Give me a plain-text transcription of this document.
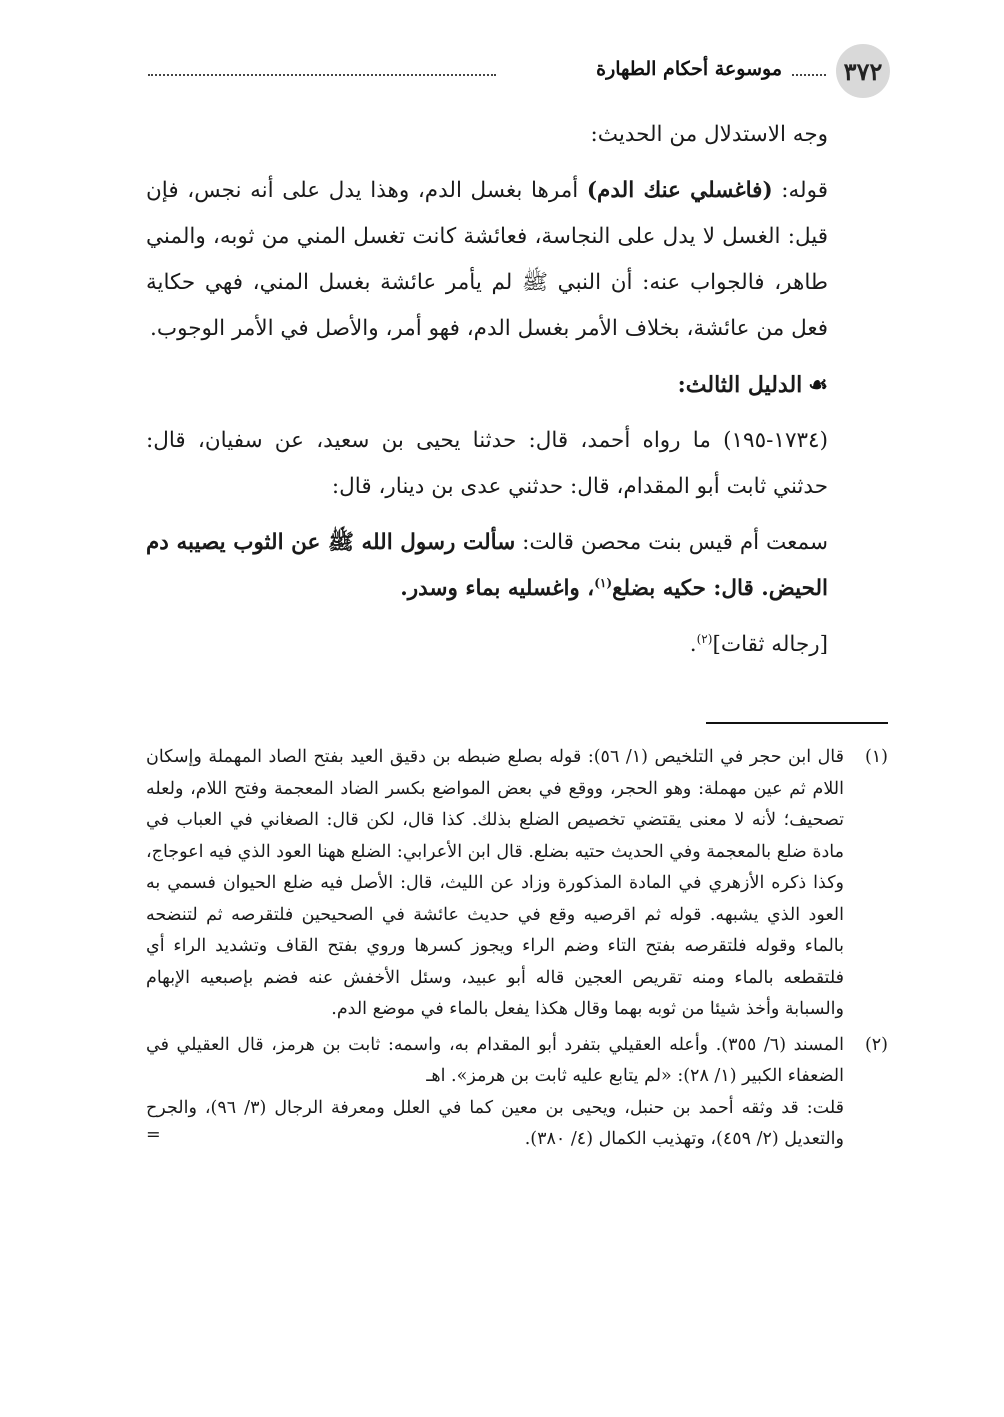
٣٧٢
موسوعة أحكام الطهارة

وجه الاستدلال من الحديث:

قوله: (فاغسلي عنك الدم) أمرها بغسل الدم، وهذا يدل على أنه نجس، فإن قيل: الغسل لا يدل على النجاسة، فعائشة كانت تغسل المني من ثوبه، والمني طاهر، فالجواب عنه: أن النبي ﷺ لم يأمر عائشة بغسل المني، فهي حكاية فعل من عائشة، بخلاف الأمر بغسل الدم، فهو أمر، والأصل في الأمر الوجوب.

☙الدليل الثالث:

(١٧٣٤-١٩٥) ما رواه أحمد، قال: حدثنا يحيى بن سعيد، عن سفيان، قال: حدثني ثابت أبو المقدام، قال: حدثني عدى بن دينار، قال:

سمعت أم قيس بنت محصن قالت: سألت رسول الله ﷺ عن الثوب يصيبه دم الحيض. قال: حكيه بضلع$^{(١)}$، واغسليه بماء وسدر.

[رجاله ثقات]$^{(٢)}$.

(١)
قال ابن حجر في التلخيص (١/ ٥٦): قوله بصلع ضبطه بن دقيق العيد بفتح الصاد المهملة وإسكان اللام ثم عين مهملة: وهو الحجر، ووقع في بعض المواضع بكسر الضاد المعجمة وفتح اللام، ولعله تصحيف؛ لأنه لا معنى يقتضي تخصيص الضلع بذلك. كذا قال، لكن قال: الصغاني في العباب في مادة ضلع بالمعجمة وفي الحديث حتيه بضلع. قال ابن الأعرابي: الضلع ههنا العود الذي فيه اعوجاج، وكذا ذكره الأزهري في المادة المذكورة وزاد عن الليث، قال: الأصل فيه ضلع الحيوان فسمي به العود الذي يشبهه. قوله ثم اقرصيه وقع في حديث عائشة في الصحيحين فلتقرصه ثم لتنضحه بالماء وقوله فلتقرصه بفتح التاء وضم الراء ويجوز كسرها وروي بفتح القاف وتشديد الراء أي فلتقطعه بالماء ومنه تقريص العجين قاله أبو عبيد، وسئل الأخفش عنه فضم بإصبعيه الإبهام والسبابة وأخذ شيئا من ثوبه بهما وقال هكذا يفعل بالماء في موضع الدم.
(٢)

المسند (٦/ ٣٥٥). وأعله العقيلي بتفرد أبو المقدام به، واسمه: ثابت بن هرمز، قال العقيلي في الضعفاء الكبير (١/ ٢٨): «لم يتابع عليه ثابت بن هرمز». اهـ

قلت: قد وثقه أحمد بن حنبل، ويحيى بن معين كما في العلل ومعرفة الرجال (٣/ ٩٦)، والجرح والتعديل (٢/ ٤٥٩)، وتهذيب الكمال (٤/ ٣٨٠).

=
